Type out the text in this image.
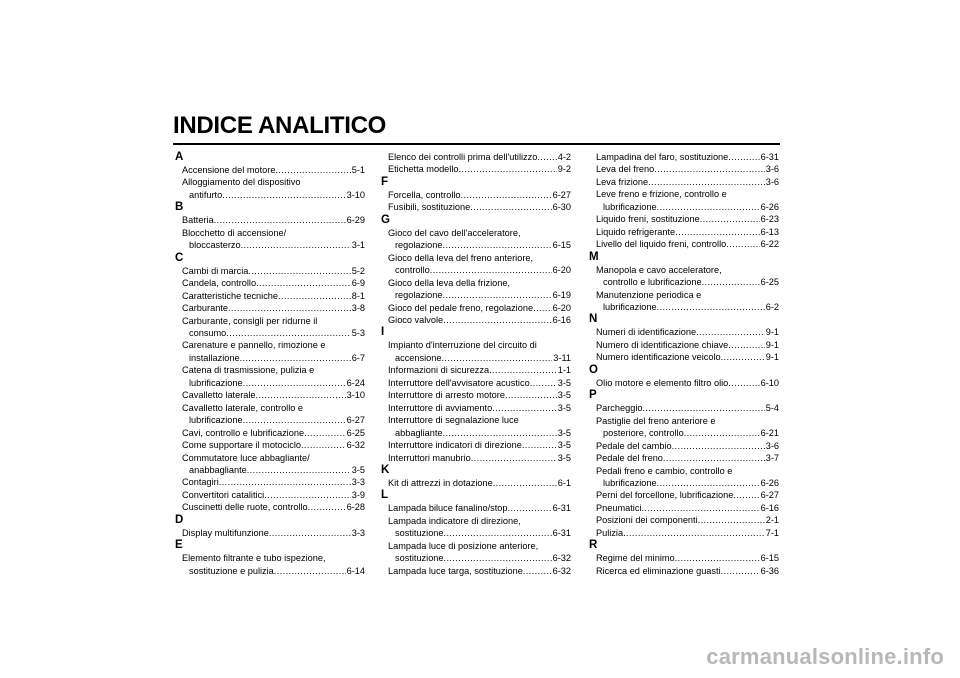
INDICE ANALITICO
A
Accensione del motore .....	5-1
Alloggiamento del dispositivo
antifurto .....	3-10
B
Batteria .....	6-29
Blocchetto di accensione/
bloccasterzo .....	3-1
C
Cambi di marcia .....	5-2
Candela, controllo .....	6-9
Caratteristiche tecniche .....	8-1
Carburante .....	3-8
Carburante, consigli per ridurne il
consumo .....	5-3
Carenature e pannello, rimozione e
installazione .....	6-7
Catena di trasmissione, pulizia e
lubrificazione .....	6-24
Cavalletto laterale .....	3-10
Cavalletto laterale, controllo e
lubrificazione .....	6-27
Cavi, controllo e lubrificazione .....	6-25
Come supportare il motociclo .....	6-32
Commutatore luce abbagliante/
anabbagliante .....	3-5
Contagiri .....	3-3
Convertitori catalitici .....	3-9
Cuscinetti delle ruote, controllo .....	6-28
D
Display multifunzione .....	3-3
E
Elemento filtrante e tubo ispezione,
sostituzione e pulizia .....	6-14
Elenco dei controlli prima dell'utilizzo ..... 4-2
Etichetta modello .....	9-2
F
Forcella, controllo .....	6-27
Fusibili, sostituzione .....	6-30
G
Gioco del cavo dell'acceleratore,
regolazione .....	6-15
Gioco della leva del freno anteriore,
controllo .....	6-20
Gioco della leva della frizione,
regolazione .....	6-19
Gioco del pedale freno, regolazione ..... 6-20
Gioco valvole .....	6-16
I
Impianto d'interruzione del circuito di
accensione .....	3-11
Informazioni di sicurezza .....	1-1
Interruttore dell'avvisatore acustico .....	3-5
Interruttore di arresto motore .....	3-5
Interruttore di avviamento .....	3-5
Interruttore di segnalazione luce
abbagliante .....	3-5
Interruttore indicatori di direzione .....	3-5
Interruttori manubrio .....	3-5
K
Kit di attrezzi in dotazione .....	6-1
L
Lampada biluce fanalino/stop .....	6-31
Lampada indicatore di direzione,
sostituzione .....	6-31
Lampada luce di posizione anteriore,
sostituzione .....	6-32
Lampada luce targa, sostituzione .....	6-32
Lampadina del faro, sostituzione .....	6-31
Leva del freno .....	3-6
Leva frizione .....	3-6
Leve freno e frizione, controllo e
lubrificazione .....	6-26
Liquido freni, sostituzione .....	6-23
Liquido refrigerante .....	6-13
Livello del liquido freni, controllo .....	6-22
M
Manopola e cavo acceleratore,
controllo e lubrificazione .....	6-25
Manutenzione periodica e
lubrificazione .....	6-2
N
Numeri di identificazione .....	9-1
Numero di identificazione chiave .....	9-1
Numero identificazione veicolo .....	9-1
O
Olio motore e elemento filtro olio .....	6-10
P
Parcheggio .....	5-4
Pastiglie del freno anteriore e
posteriore, controllo .....	6-21
Pedale del cambio .....	3-6
Pedale del freno .....	3-7
Pedali freno e cambio, controllo e
lubrificazione .....	6-26
Perni del forcellone, lubrificazione .....	6-27
Pneumatici .....	6-16
Posizioni dei componenti .....	2-1
Pulizia .....	7-1
R
Regime del minimo .....	6-15
Ricerca ed eliminazione guasti .....	6-36

carmanualsonline.info
